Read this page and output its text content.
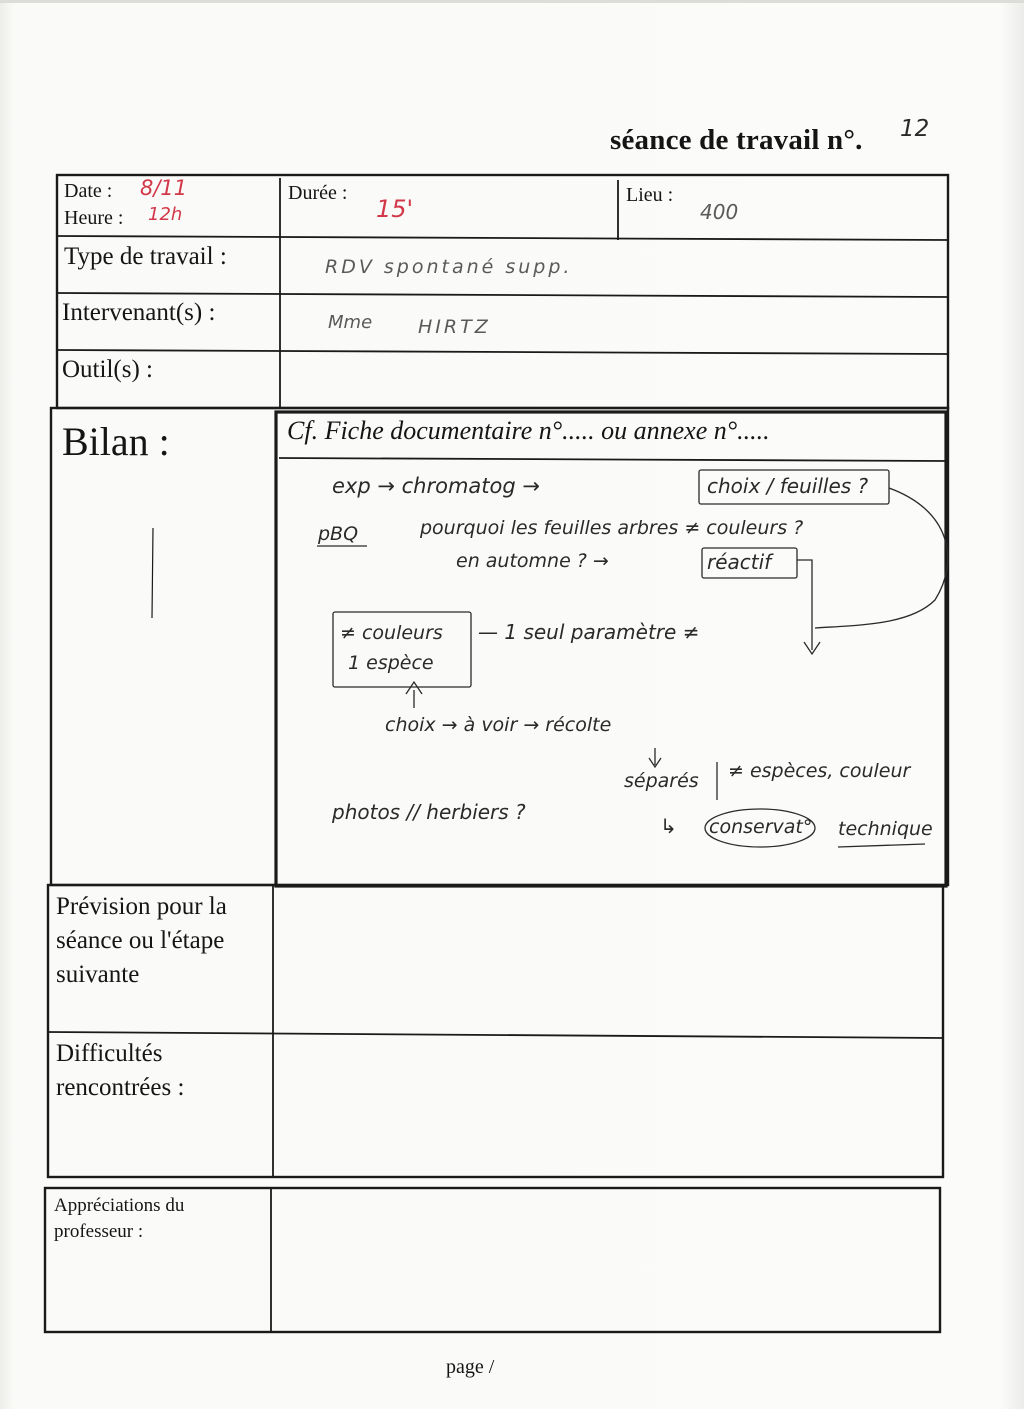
séance de travail n°. 12
Date : 8/11
Heure : 12h
Durée :
15'	Lieu :
400
Type de travail :	RDV spontané supp.
Intervenant(s) :	Mme HIRTZ
Outil(s) :
Bilan :	Cf. Fiche documentaire n°..... ou annexe n°.....
exp → chromatog →	choix / feuilles ?
pBQ	pourquoi les feuilles arbres ≠ couleurs ?
en automne ? →	réactif
≠ couleurs
1 espèce
— 1 seul paramètre ≠
choix → à voir → récolte
séparés ≠ espèces, couleur
photos // herbiers ?
↳ conservat° technique
Prévision pour la séance ou l'étape suivante
Difficultés rencontrées :
Appréciations du professeur :
page /
